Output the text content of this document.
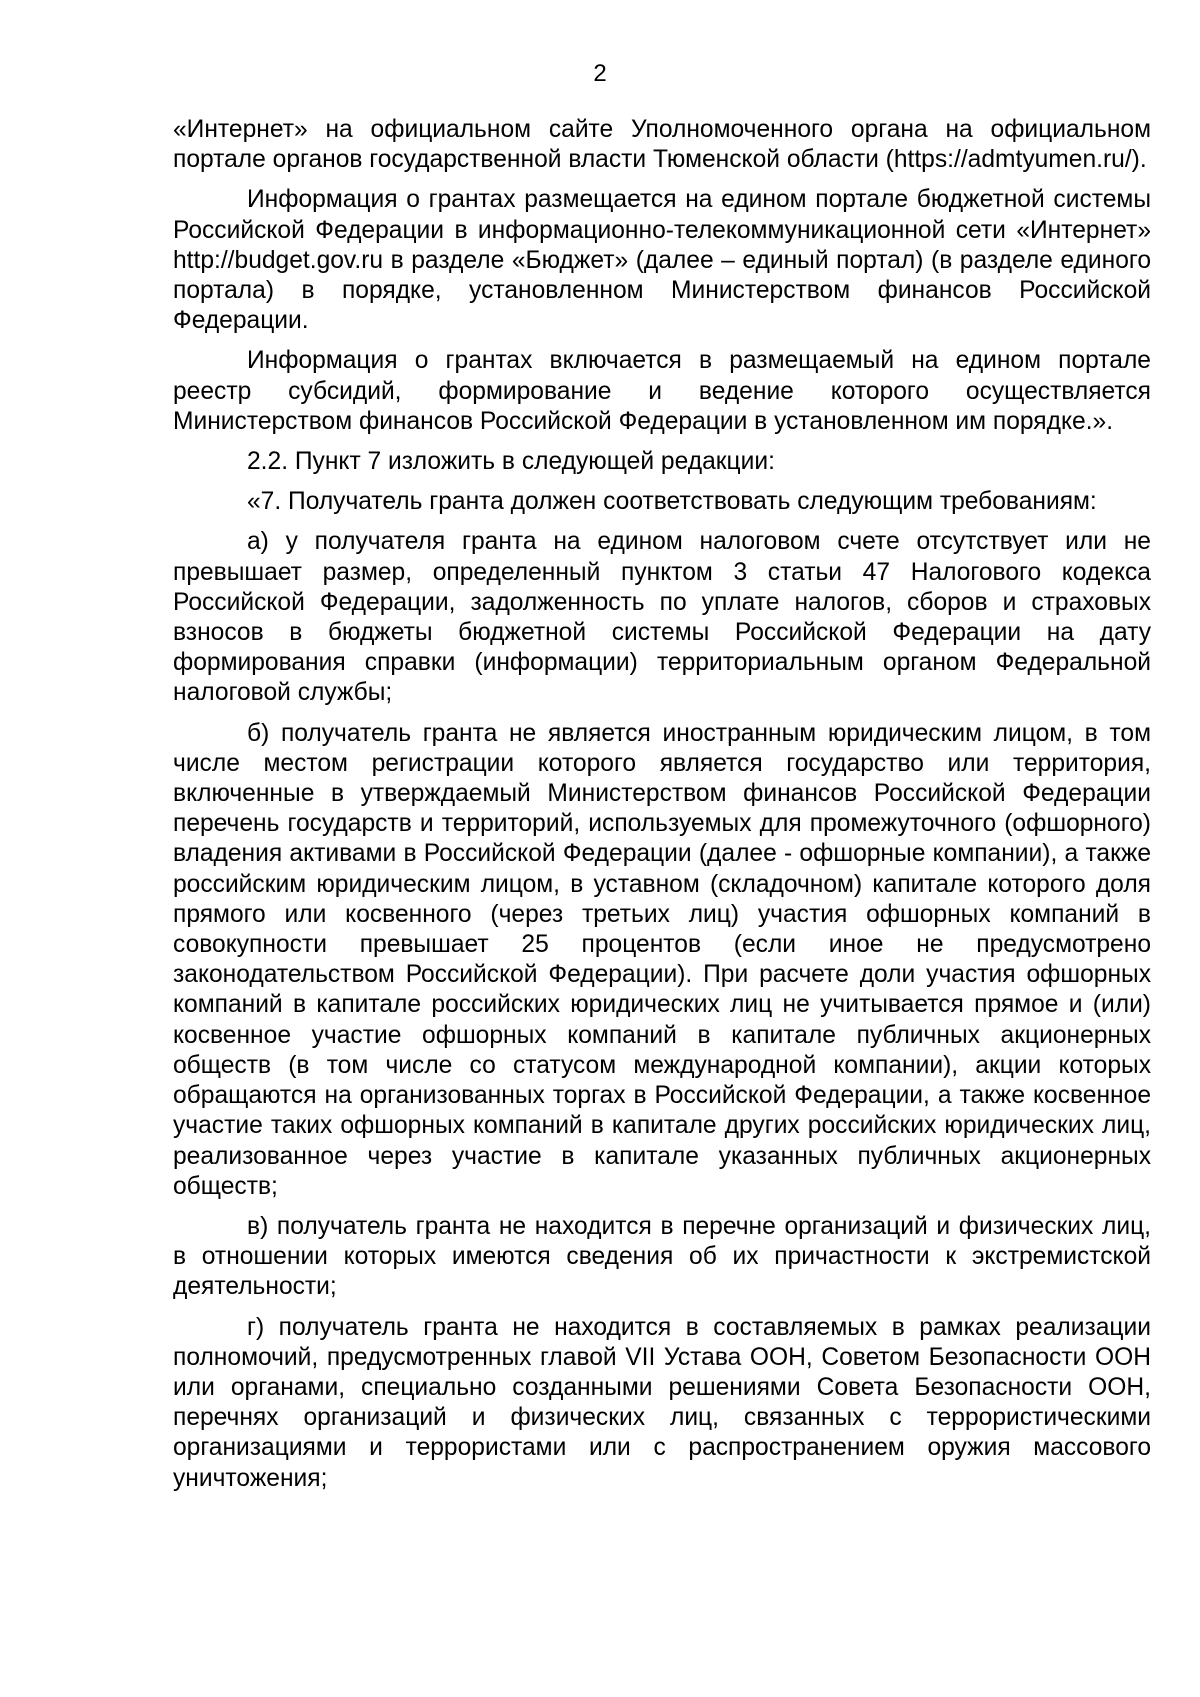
2

«Интернет» на официальном сайте Уполномоченного органа на официальном портале органов государственной власти Тюменской области (https://admtyumen.ru/).

Информация о грантах размещается на едином портале бюджетной системы Российской Федерации в информационно-телекоммуникационной сети «Интернет» http://budget.gov.ru в разделе «Бюджет» (далее – единый портал) (в разделе единого портала) в порядке, установленном Министерством финансов Российской Федерации.

Информация о грантах включается в размещаемый на едином портале реестр субсидий, формирование и ведение которого осуществляется Министерством финансов Российской Федерации в установленном им порядке.».

2.2. Пункт 7 изложить в следующей редакции:

«7. Получатель гранта должен соответствовать следующим требованиям:

а) у получателя гранта на едином налоговом счете отсутствует или не превышает размер, определенный пунктом 3 статьи 47 Налогового кодекса Российской Федерации, задолженность по уплате налогов, сборов и страховых взносов в бюджеты бюджетной системы Российской Федерации на дату формирования справки (информации) территориальным органом Федеральной налоговой службы;

б) получатель гранта не является иностранным юридическим лицом, в том числе местом регистрации которого является государство или территория, включенные в утверждаемый Министерством финансов Российской Федерации перечень государств и территорий, используемых для промежуточного (офшорного) владения активами в Российской Федерации (далее - офшорные компании), а также российским юридическим лицом, в уставном (складочном) капитале которого доля прямого или косвенного (через третьих лиц) участия офшорных компаний в совокупности превышает 25 процентов (если иное не предусмотрено законодательством Российской Федерации). При расчете доли участия офшорных компаний в капитале российских юридических лиц не учитывается прямое и (или) косвенное участие офшорных компаний в капитале публичных акционерных обществ (в том числе со статусом международной компании), акции которых обращаются на организованных торгах в Российской Федерации, а также косвенное участие таких офшорных компаний в капитале других российских юридических лиц, реализованное через участие в капитале указанных публичных акционерных обществ;

в) получатель гранта не находится в перечне организаций и физических лиц, в отношении которых имеются сведения об их причастности к экстремистской деятельности;

г) получатель гранта не находится в составляемых в рамках реализации полномочий, предусмотренных главой VII Устава ООН, Советом Безопасности ООН или органами, специально созданными решениями Совета Безопасности ООН, перечнях организаций и физических лиц, связанных с террористическими организациями и террористами или с распространением оружия массового уничтожения;
